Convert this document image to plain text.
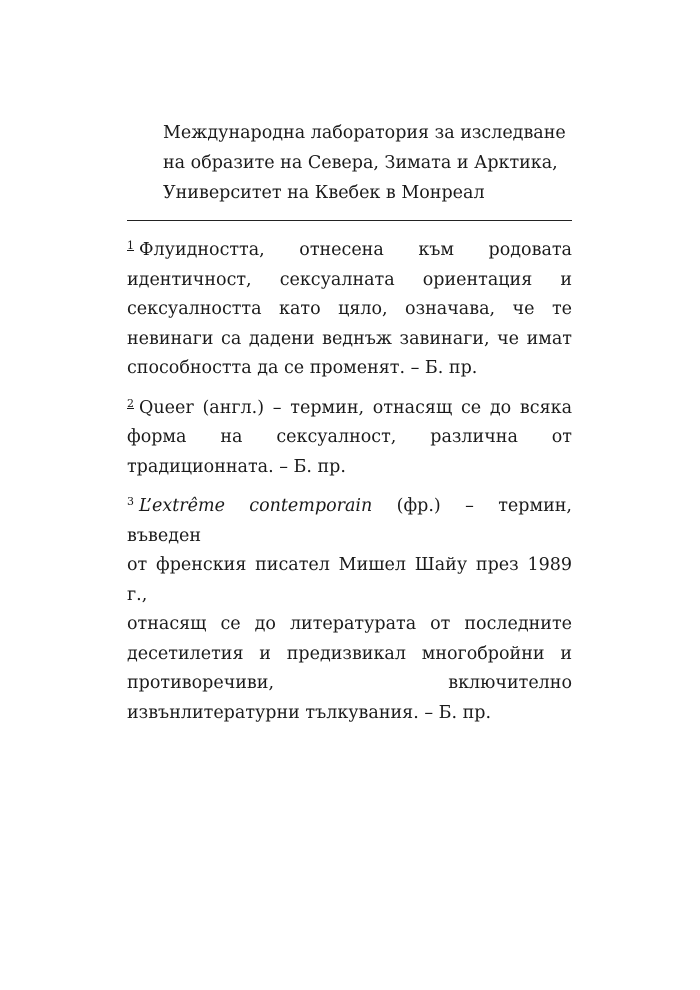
Международна лаборатория за изследване
на образите на Севера, Зимата и Арктика,
Университет на Квебек в Монреал
$^1$ Флуидността, отнесена към родовата
идентичност, сексуалната ориентация и
сексуалността като цяло, означава, че те
невинаги са дадени веднъж завинаги, че имат
способността да се променят. – Б. пр.
$^2$ Queer (англ.) – термин, отнасящ се до всяка
форма на сексуалност, различна от
традиционната. – Б. пр.
$^3$ L’extrême contemporain (фр.) – термин, въведен
от френския писател Мишел Шайу през 1989 г.,
отнасящ се до литературата от последните
десетилетия и предизвикал многобройни и
противоречиви, включително
извънлитературни тълкувания. – Б. пр.
